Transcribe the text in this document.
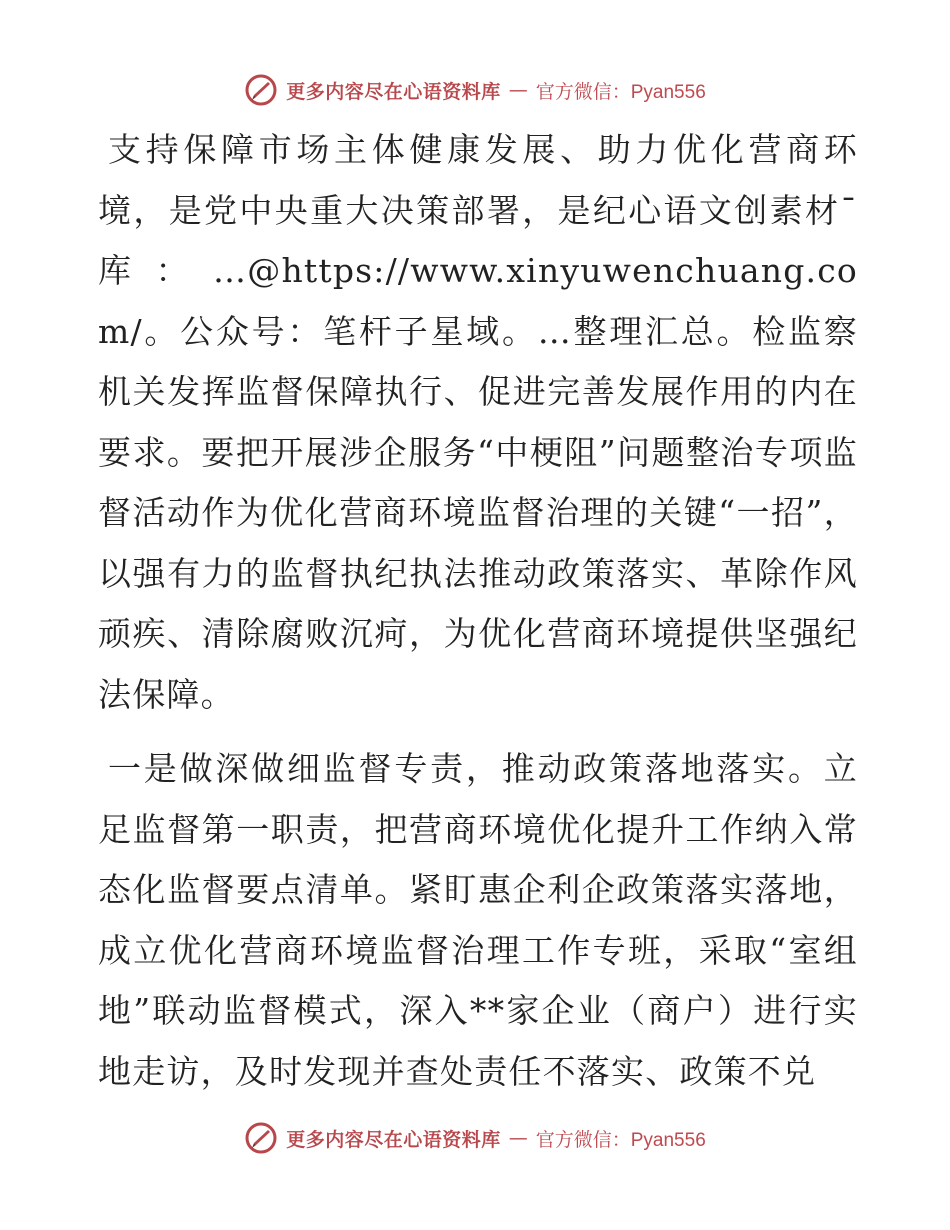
更多内容尽在心语资料库 — 官方微信：Pyan556

支持保障市场主体健康发展、助力优化营商环境，是党中央重大决策部署，是纪心语文创素材¯库：…@https://www.xinyuwenchuang.com/。公众号：笔杆子星域。…整理汇总。检监察机关发挥监督保障执行、促进完善发展作用的内在要求。要把开展涉企服务“中梗阻”问题整治专项监督活动作为优化营商环境监督治理的关键“一招”，以强有力的监督执纪执法推动政策落实、革除作风顽疾、清除腐败沉疴，为优化营商环境提供坚强纪法保障。

一是做深做细监督专责，推动政策落地落实。立足监督第一职责，把营商环境优化提升工作纳入常态化监督要点清单。紧盯惠企利企政策落实落地，成立优化营商环境监督治理工作专班，采取“室组地”联动监督模式，深入**家企业（商户）进行实地走访，及时发现并查处责任不落实、政策不兑

更多内容尽在心语资料库 — 官方微信：Pyan556
